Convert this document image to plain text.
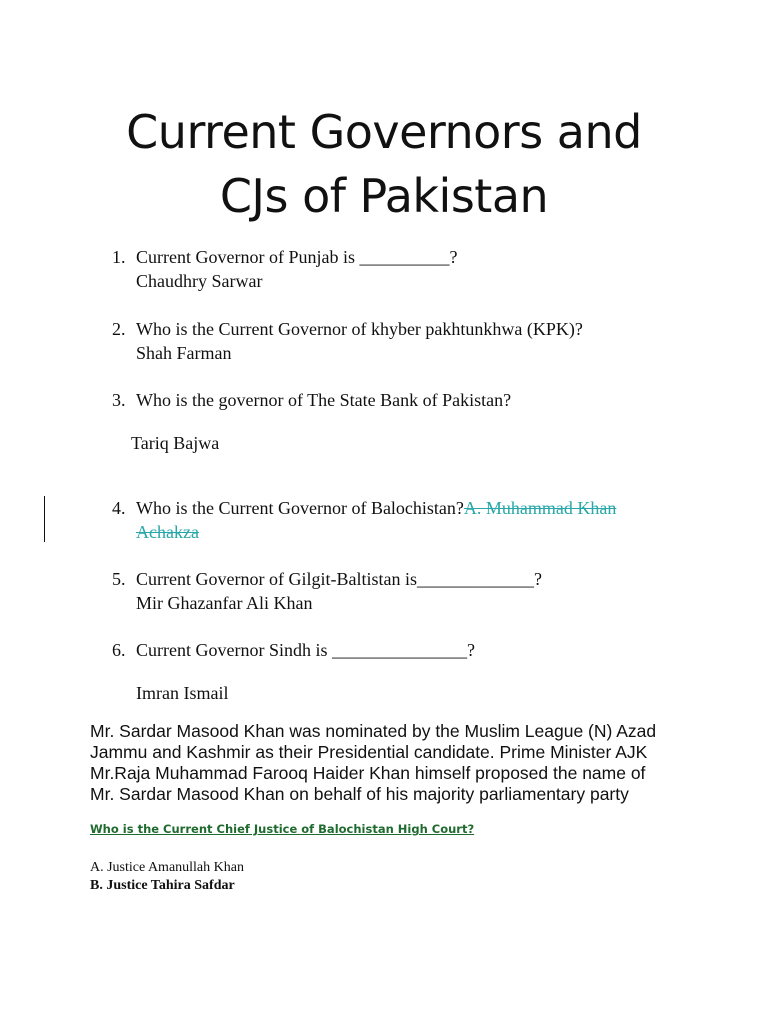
Current Governors and
CJs of Pakistan
1. Current Governor of Punjab is __________?
Chaudhry Sarwar
2. Who is the Current Governor of khyber pakhtunkhwa (KPK)?
Shah Farman
3. Who is the governor of The State Bank of Pakistan?
Tariq Bajwa
4. Who is the Current Governor of Balochistan?A. Muhammad Khan
Achakza
5. Current Governor of Gilgit-Baltistan is_____________?
Mir Ghazanfar Ali Khan
6. Current Governor Sindh is _______________?
Imran Ismail
Mr. Sardar Masood Khan was nominated by the Muslim League (N) Azad
Jammu and Kashmir as their Presidential candidate. Prime Minister AJK
Mr.Raja Muhammad Farooq Haider Khan himself proposed the name of
Mr. Sardar Masood Khan on behalf of his majority parliamentary party
Who is the Current Chief Justice of Balochistan High Court?
A. Justice Amanullah Khan
B. Justice Tahira Safdar
